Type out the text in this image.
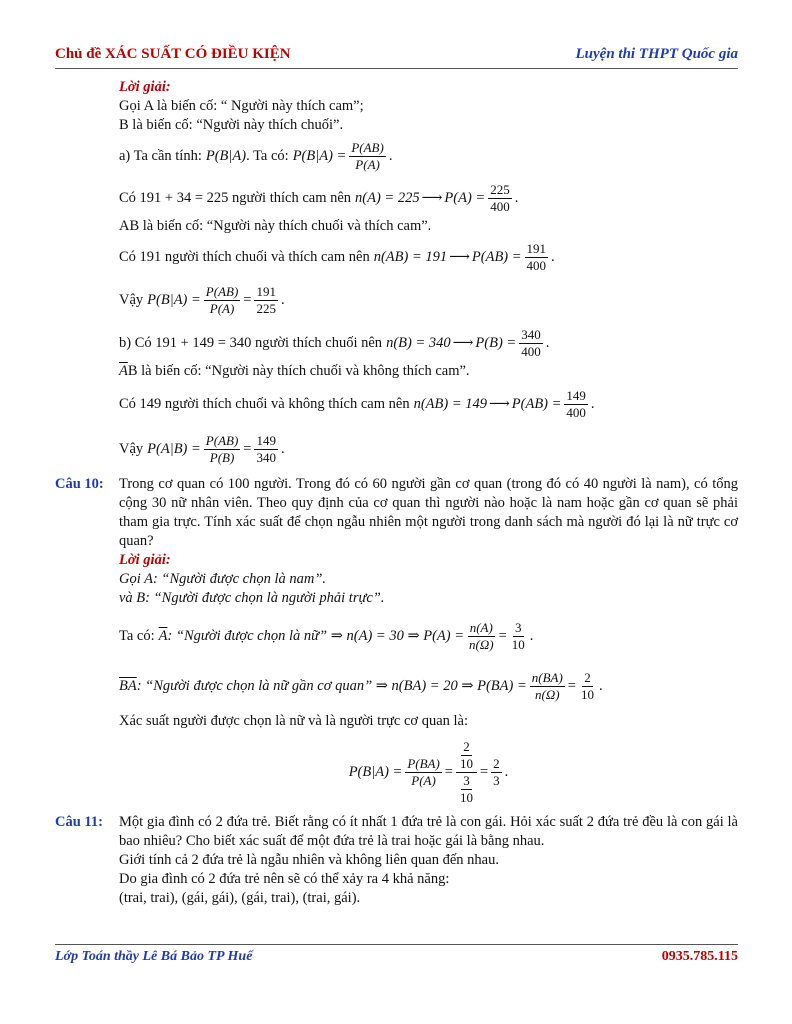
Chủ đề XÁC SUẤT CÓ ĐIỀU KIỆN	Luyện thi THPT Quốc gia
Lời giải:
Gọi A là biến cố: “ Người này thích cam”;
B là biến cố: “Người này thích chuối”.
a) Ta cần tính: P(B|A) . Ta có: $P(B|A) = \frac{P(AB)}{P(A)}$ .
Có 191 + 34 = 225 người thích cam nên n(A) = 225 ⟶ $P(A) = \frac{225}{400}$ .
AB là biến cố: “Người này thích chuối và thích cam”.
Có 191 người thích chuối và thích cam nên n(AB) = 191 ⟶ $P(AB) = \frac{191}{400}$ .
Vậy $P(B|A) = \frac{P(AB)}{P(A)} = \frac{191}{225}$ .
b) Có 191 + 149 = 340 người thích chuối nên n(B) = 340 ⟶ $P(B) = \frac{340}{400}$ .
$\overline{A}$ B là biến cố: “Người này thích chuối và không thích cam”.
Có 149 người thích chuối và không thích cam nên n(AB) = 149 ⟶ $P(AB) = \frac{149}{400}$ .
Vậy $P(A|B) = \frac{P(AB)}{P(B)} = \frac{149}{340}$ .
Câu 10: Trong cơ quan có 100 người. Trong đó có 60 người gần cơ quan (trong đó có 40 người là nam), có tổng cộng 30 nữ nhân viên. Theo quy định của cơ quan thì người nào hoặc là nam hoặc gần cơ quan sẽ phải tham gia trực. Tính xác suất để chọn ngẫu nhiên một người trong danh sách mà người đó lại là nữ trực cơ quan?
Lời giải:
Gọi A: “Người được chọn là nam”.
và B: “Người được chọn là người phải trực”.
Ta có: $\overline{A}$ : “Người được chọn là nữ” ⇒ n(A) = 30 ⇒ $P(A) = \frac{n(A)}{n(\Omega)} = \frac{3}{10}$ .
$\overline{BA}$ : “Người được chọn là nữ gần cơ quan” ⇒ n(BA) = 20 ⇒ $P(BA) = \frac{n(BA)}{n(\Omega)} = \frac{2}{10}$ .
Xác suất người được chọn là nữ và là người trực cơ quan là:
$P(B|A) = \frac{P(BA)}{P(A)} = \frac{\frac{2}{10}}{\frac{3}{10}} = \frac{2}{3}$ .
Câu 11: Một gia đình có 2 đứa trẻ. Biết rằng có ít nhất 1 đứa trẻ là con gái. Hỏi xác suất 2 đứa trẻ đều là con gái là bao nhiêu? Cho biết xác suất để một đứa trẻ là trai hoặc gái là bằng nhau.
Giới tính cả 2 đứa trẻ là ngẫu nhiên và không liên quan đến nhau.
Do gia đình có 2 đứa trẻ nên sẽ có thể xảy ra 4 khả năng:
(trai, trai), (gái, gái), (gái, trai), (trai, gái).
Lớp Toán thầy Lê Bá Bảo TP Huế	0935.785.115
